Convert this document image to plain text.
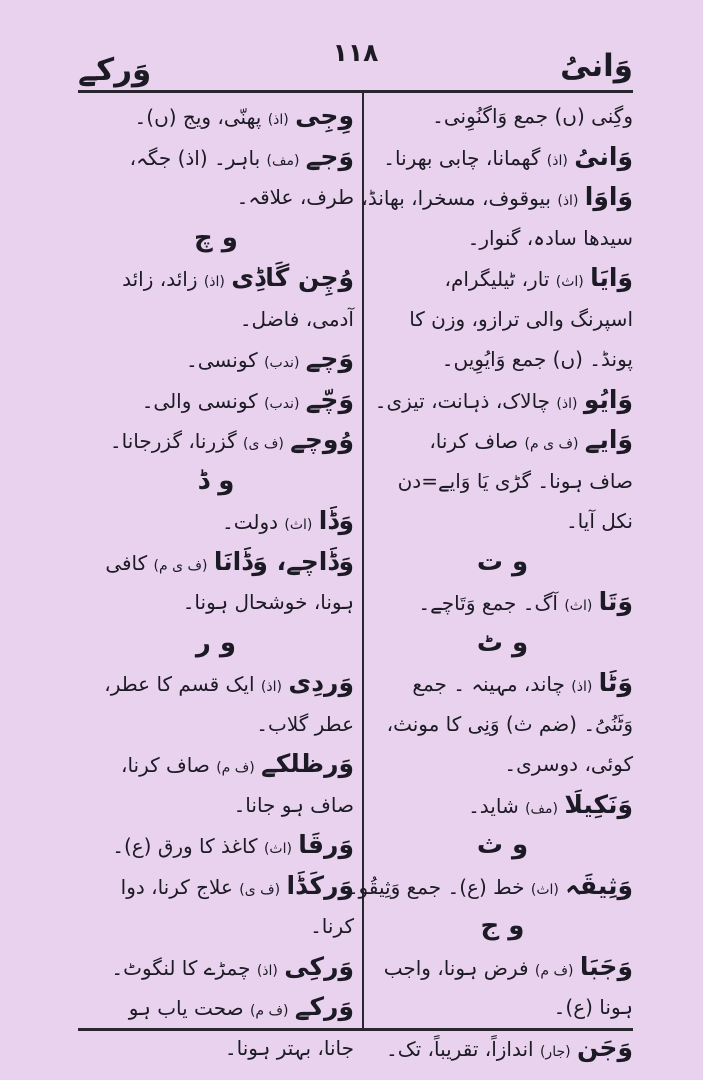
وَانیُ
۱۱۸
وَرکے
وگِنی (ں) جمع وَاگنُوِنی۔
وَانیُ (اذ) گھمانا، چابی بھرنا۔
وَاوَا (اذ) بیوقوف، مسخرا، بھانڈ،
سیدھا سادہ، گنوار۔
وَایَا (اث) تار، ٹیلیگرام،
اسپرنگ والی ترازو، وزن کا
پونڈ۔ (ں) جمع وَایُوِیں۔
وَایُو (اذ) چالاک، ذہانت، تیزی۔
وَایے (ف ی م) صاف کرنا،
صاف ہونا۔ گڑی یَا وَایے=دن
نکل آیا۔
و ت
وَتَا (اث) آگ۔ جمع وَتَاچے۔
و ٹ
وَٹَا (اذ) چاند، مہینہ ۔ جمع
وَٹَنُیُ۔ (ضم ث) وَنِی کا مونث،
کوئی، دوسری۔
وَنَکِیلَا (مف) شاید۔
و ث
وَثِیقَہ (اث) خط (ع)۔ جمع وَثِیقُو۔
و ج
وَجَبَا (ف م) فرض ہونا، واجب
ہونا (ع)۔
وَجَن (جار) اندازاً، تقریباً، تک۔
وِجِی (اذ) پھنّی، ویج (ں)۔
وَجے (مف) باہر۔ (اذ) جگہ،
طرف، علاقہ۔
و چ
وُچِن گَاڈِی (اذ) زائد، زائد
آدمی، فاضل۔
وَچے (ندب) کونسی۔
وَچّے (ندب) کونسی والی۔
وُوچے (ف ی) گزرنا، گزرجانا۔
و ڈ
وَڈَا (اث) دولت۔
وَڈَاچے، وَڈَانَا (ف ی م) کافی
ہونا، خوشحال ہونا۔
و ر
وَردِی (اذ) ایک قسم کا عطر،
عطر گلاب۔
وَرظلکے (ف م) صاف کرنا،
صاف ہو جانا۔
وَرقَا (اث) کاغذ کا ورق (ع)۔
وَرکَڈَا (ف ی) علاج کرنا، دوا
کرنا۔
وَرکِی (اذ) چمڑے کا لنگوٹ۔
وَرکے (ف م) صحت یاب ہو
جانا، بہتر ہونا۔
